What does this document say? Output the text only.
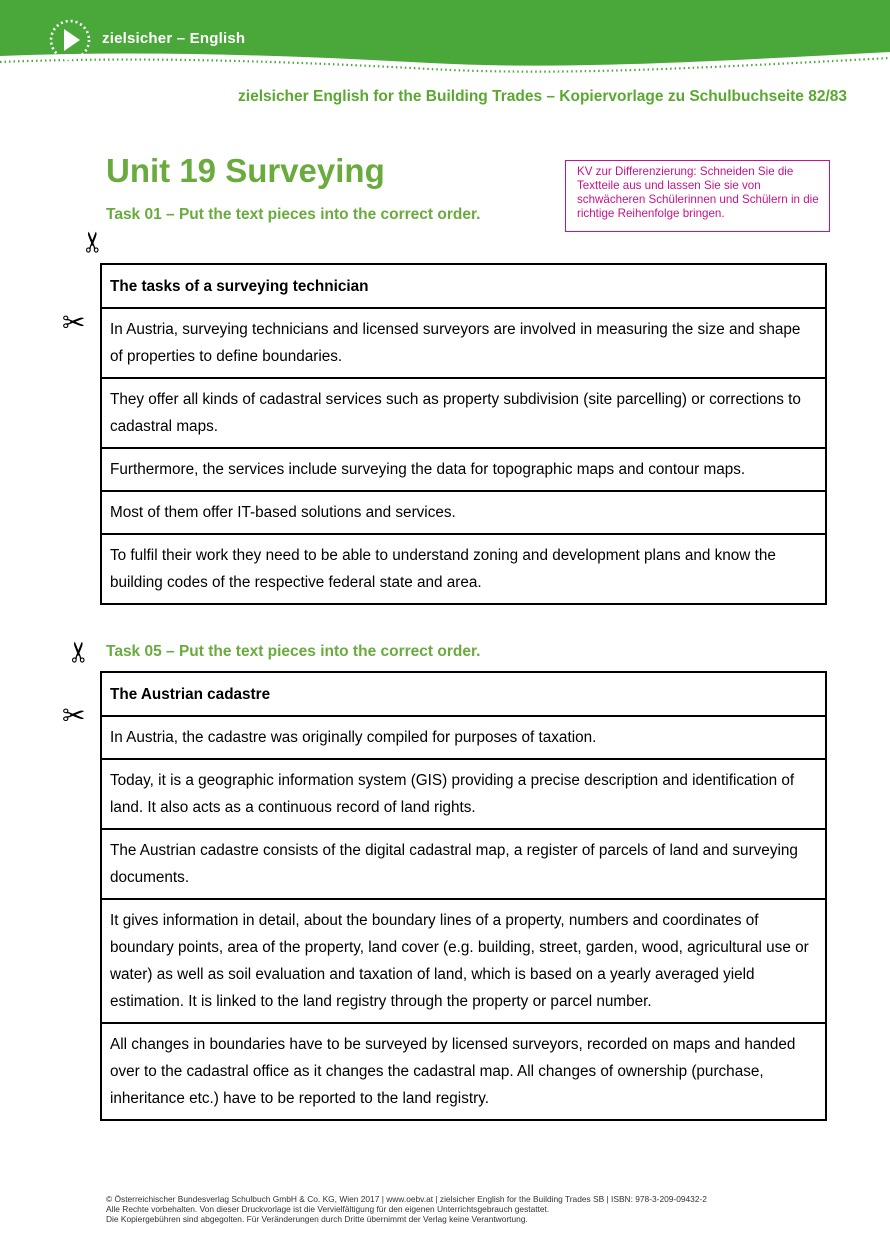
zielsicher – English
zielsicher English for the Building Trades – Kopiervorlage zu Schulbuchseite 82/83
Unit 19 Surveying	KV zur Differenzierung: Schneiden Sie die Textteile aus und lassen Sie sie von schwächeren Schülerinnen und Schülern in die richtige Reihenfolge bringen.
Task 01 – Put the text pieces into the correct order.
✂
✂
The tasks of a surveying technician
In Austria, surveying technicians and licensed surveyors are involved in measuring the size and shape of properties to define boundaries.
They offer all kinds of cadastral services such as property subdivision (site parcelling) or corrections to cadastral maps.
Furthermore, the services include surveying the data for topographic maps and contour maps.
Most of them offer IT-based solutions and services.
To fulfil their work they need to be able to understand zoning and development plans and know the building codes of the respective federal state and area.
Task 05 – Put the text pieces into the correct order.
✂
✂
The Austrian cadastre
In Austria, the cadastre was originally compiled for purposes of taxation.
Today, it is a geographic information system (GIS) providing a precise description and identification of land. It also acts as a continuous record of land rights.
The Austrian cadastre consists of the digital cadastral map, a register of parcels of land and surveying documents.
It gives information in detail, about the boundary lines of a property, numbers and coordinates of boundary points, area of the property, land cover (e.g. building, street, garden, wood, agricultural use or water) as well as soil evaluation and taxation of land, which is based on a yearly averaged yield estimation. It is linked to the land registry through the property or parcel number.
All changes in boundaries have to be surveyed by licensed surveyors, recorded on maps and handed over to the cadastral office as it changes the cadastral map. All changes of ownership (purchase, inheritance etc.) have to be reported to the land registry.
© Österreichischer Bundesverlag Schulbuch GmbH & Co. KG, Wien 2017 | www.oebv.at | zielsicher English for the Building Trades SB | ISBN: 978-3-209-09432-2
Alle Rechte vorbehalten. Von dieser Druckvorlage ist die Vervielfältigung für den eigenen Unterrichtsgebrauch gestattet.
Die Kopiergebühren sind abgegolten. Für Veränderungen durch Dritte übernimmt der Verlag keine Verantwortung.
